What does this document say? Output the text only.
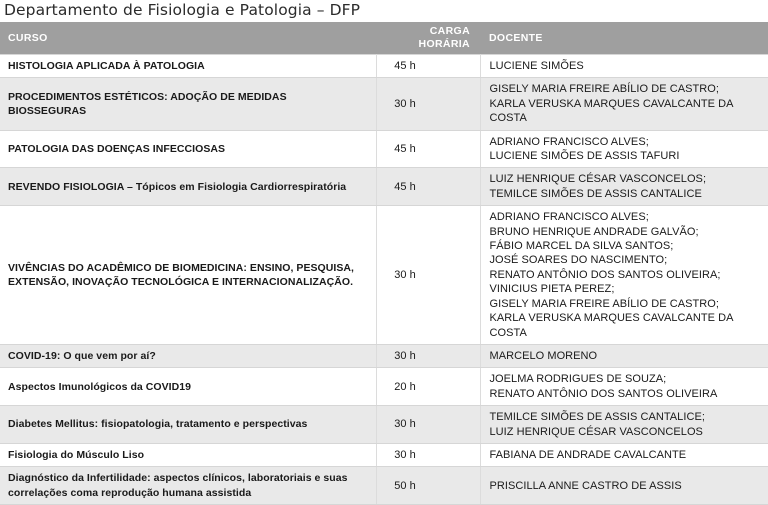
Departamento de Fisiologia e Patologia – DFP
CURSO	CARGA HORÁRIA	DOCENTE
HISTOLOGIA APLICADA À PATOLOGIA	45 h	LUCIENE SIMÕES

PROCEDIMENTOS ESTÉTICOS: ADOÇÃO DE MEDIDAS BIOSSEGURAS	30 h	GISELY MARIA FREIRE ABÍLIO DE CASTRO;
KARLA VERUSKA MARQUES CAVALCANTE DA
COSTA

PATOLOGIA DAS DOENÇAS INFECCIOSAS	45 h	ADRIANO FRANCISCO ALVES;
LUCIENE SIMÕES DE ASSIS TAFURI

REVENDO FISIOLOGIA – Tópicos em Fisiologia Cardiorrespiratória	45 h	LUIZ HENRIQUE CÉSAR VASCONCELOS;
TEMILCE SIMÕES DE ASSIS CANTALICE

VIVÊNCIAS DO ACADÊMICO DE BIOMEDICINA: ENSINO, PESQUISA, EXTENSÃO, INOVAÇÃO TECNOLÓGICA E INTERNACIONALIZAÇÃO.	30 h	
ADRIANO FRANCISCO ALVES;
BRUNO HENRIQUE ANDRADE GALVÃO;
FÁBIO MARCEL DA SILVA SANTOS;
JOSÉ SOARES DO NASCIMENTO;
RENATO ANTÔNIO DOS SANTOS OLIVEIRA;
VINICIUS PIETA PEREZ;
GISELY MARIA FREIRE ABÍLIO DE CASTRO;
KARLA VERUSKA MARQUES CAVALCANTE DA
COSTA

COVID-19: O que vem por aí?	30 h	MARCELO MORENO

Aspectos Imunológicos da COVID19	20 h	JOELMA RODRIGUES DE SOUZA;
RENATO ANTÔNIO DOS SANTOS OLIVEIRA

Diabetes Mellitus: fisiopatologia, tratamento e perspectivas	30 h	TEMILCE SIMÕES DE ASSIS CANTALICE;
LUIZ HENRIQUE CÉSAR VASCONCELOS

Fisiologia do Músculo Liso	30 h	FABIANA DE ANDRADE CAVALCANTE

Diagnóstico da Infertilidade: aspectos clínicos, laboratoriais e suas correlações coma reprodução humana assistida	50 h	PRISCILLA ANNE CASTRO DE ASSIS
